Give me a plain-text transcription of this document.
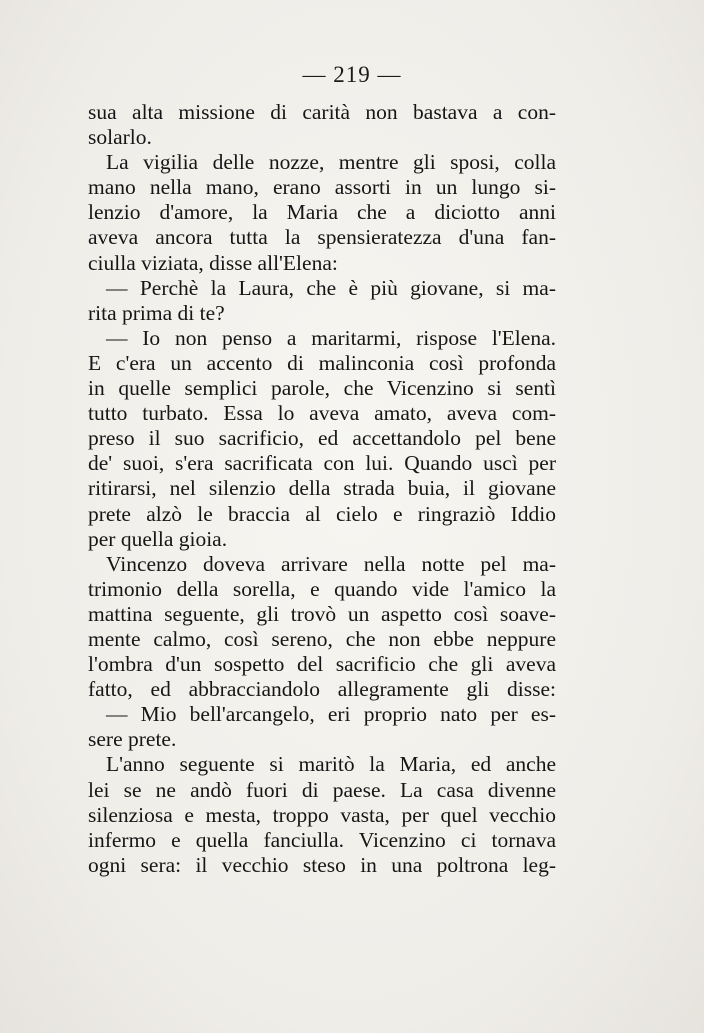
— 219 —
sua alta missione di carità non bastava a con-
solarlo.
La vigilia delle nozze, mentre gli sposi, colla
mano nella mano, erano assorti in un lungo si-
lenzio d'amore, la Maria che a diciotto anni
aveva ancora tutta la spensieratezza d'una fan-
ciulla viziata, disse all'Elena:
— Perchè la Laura, che è più giovane, si ma-
rita prima di te?
— Io non penso a maritarmi, rispose l'Elena.
E c'era un accento di malinconia così profonda
in quelle semplici parole, che Vicenzino si sentì
tutto turbato. Essa lo aveva amato, aveva com-
preso il suo sacrificio, ed accettandolo pel bene
de' suoi, s'era sacrificata con lui. Quando uscì per
ritirarsi, nel silenzio della strada buia, il giovane
prete alzò le braccia al cielo e ringraziò Iddio
per quella gioia.
Vincenzo doveva arrivare nella notte pel ma-
trimonio della sorella, e quando vide l'amico la
mattina seguente, gli trovò un aspetto così soave-
mente calmo, così sereno, che non ebbe neppure
l'ombra d'un sospetto del sacrificio che gli aveva
fatto, ed abbracciandolo allegramente gli disse:
— Mio bell'arcangelo, eri proprio nato per es-
sere prete.
L'anno seguente si maritò la Maria, ed anche
lei se ne andò fuori di paese. La casa divenne
silenziosa e mesta, troppo vasta, per quel vecchio
infermo e quella fanciulla. Vicenzino ci tornava
ogni sera: il vecchio steso in una poltrona leg-
